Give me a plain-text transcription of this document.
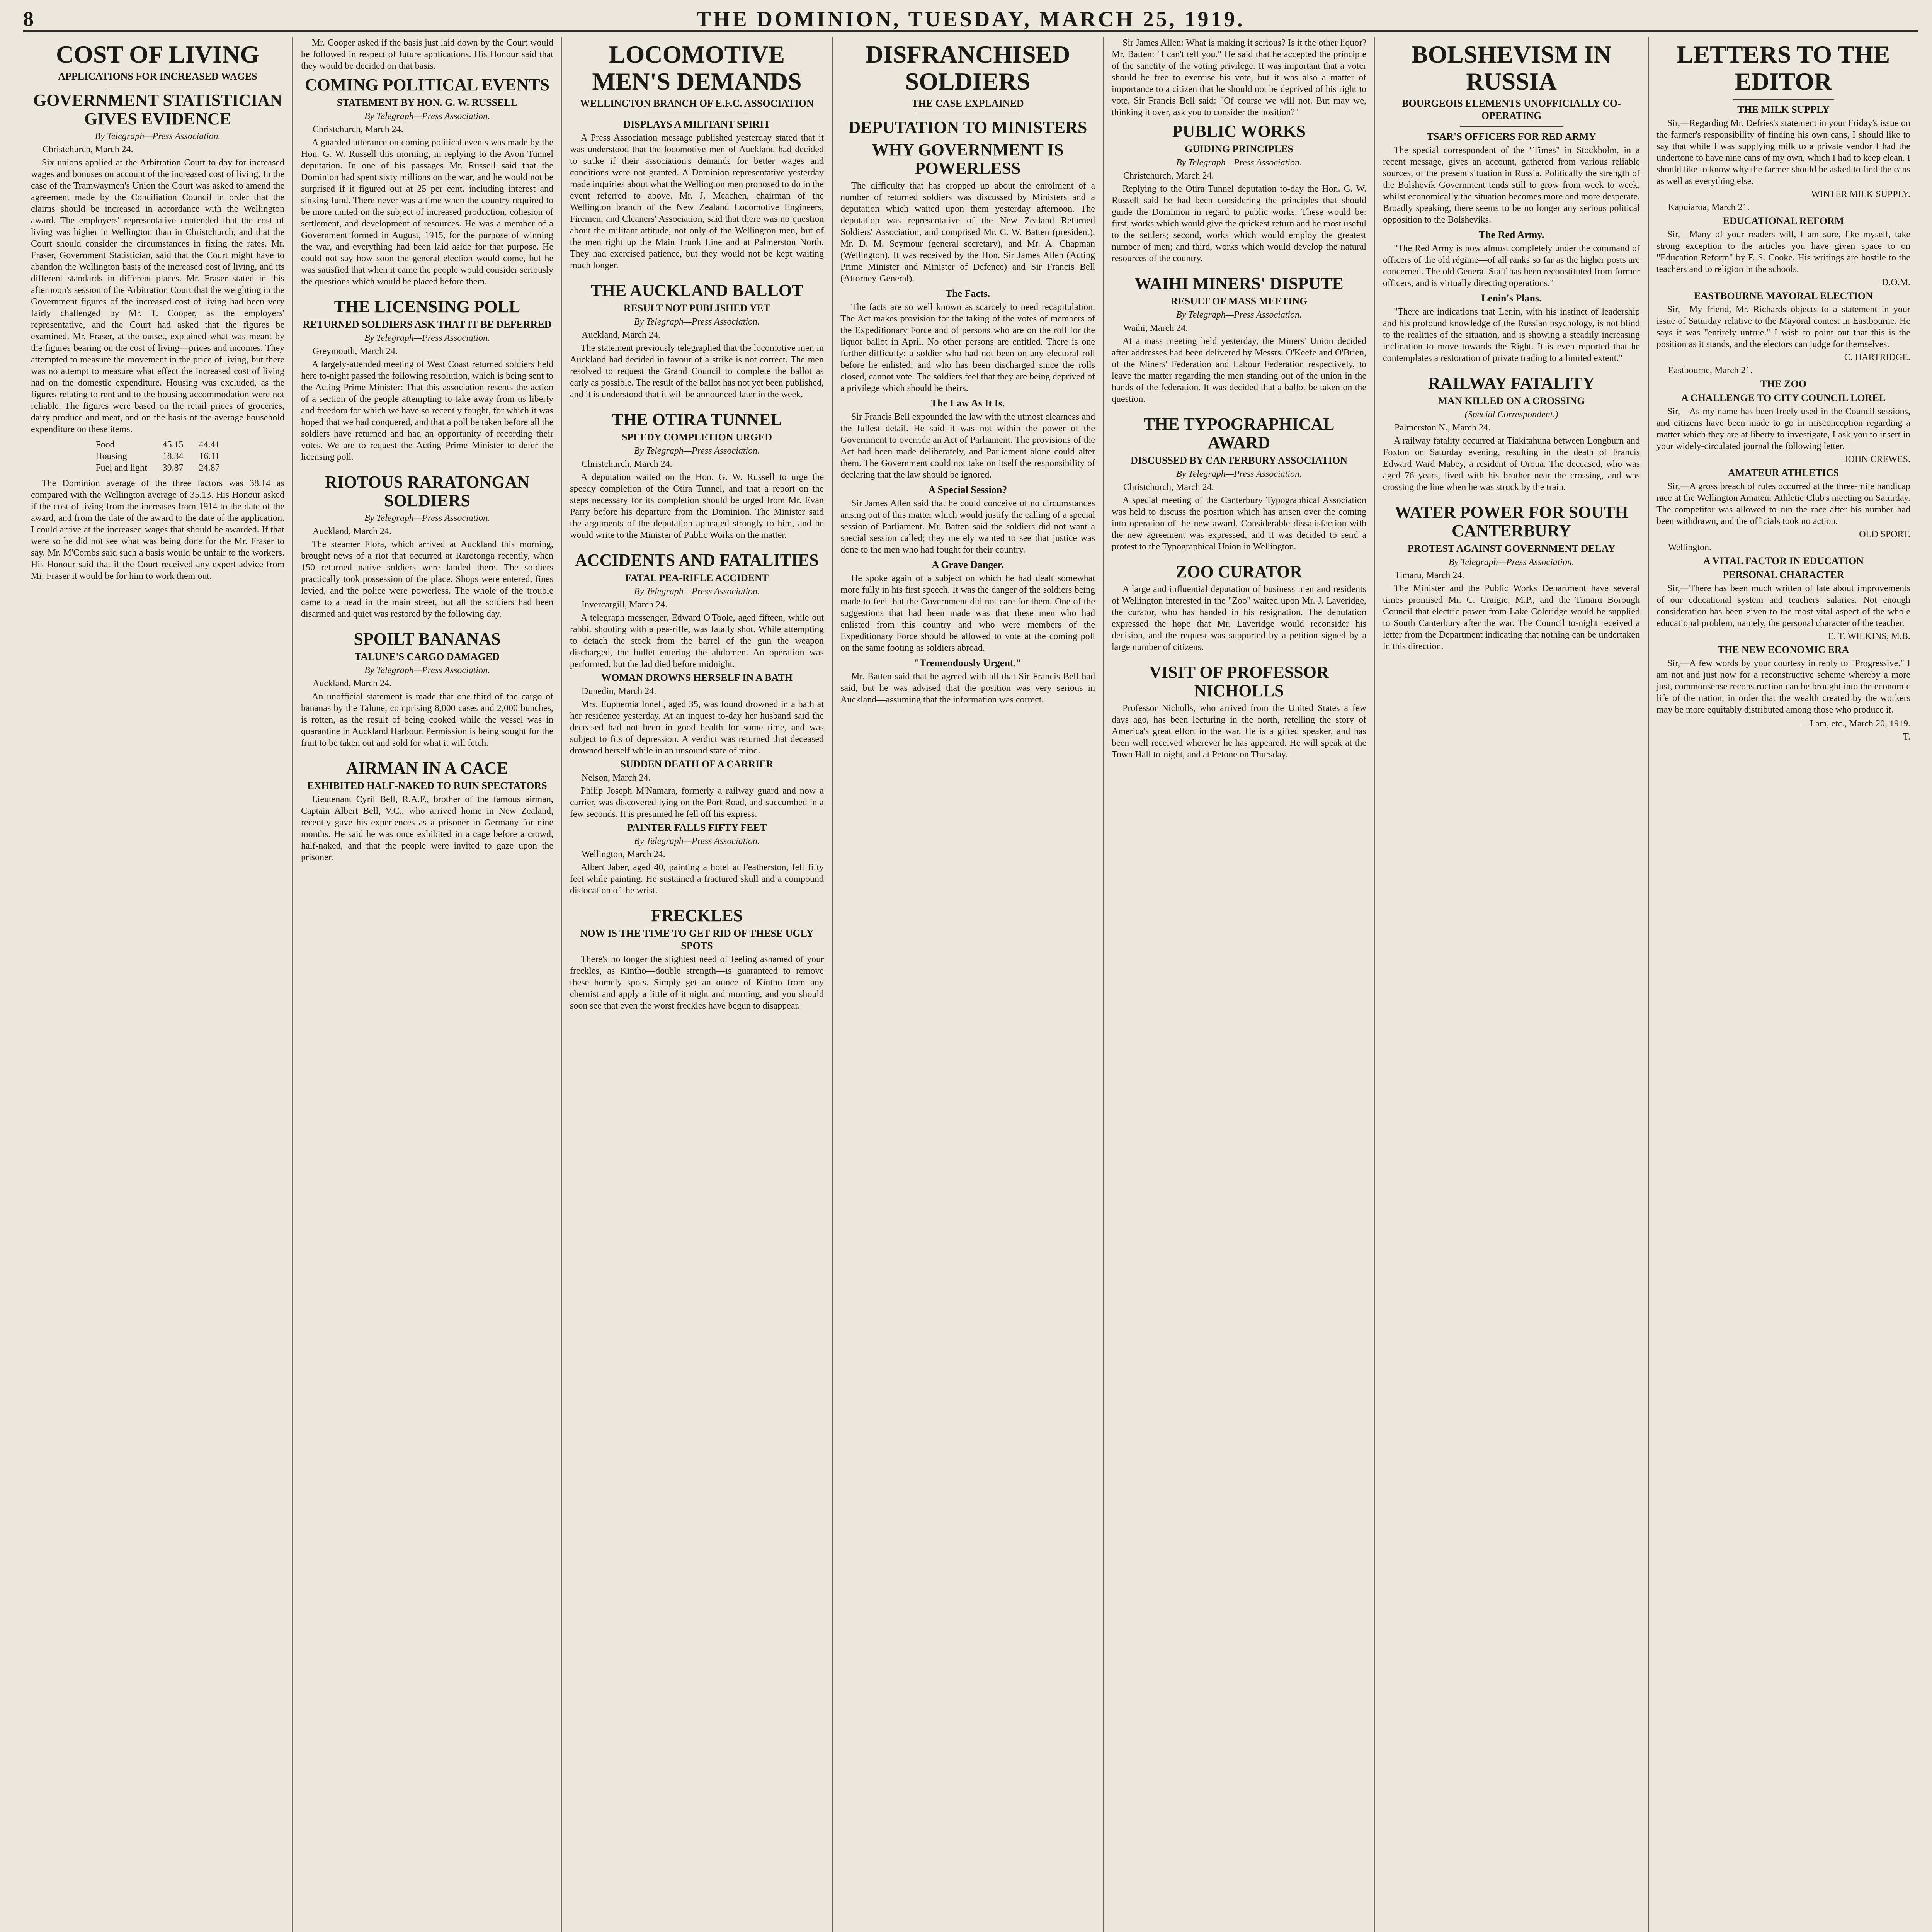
8	THE DOMINION, TUESDAY, MARCH 25, 1919.
COST OF LIVING
APPLICATIONS FOR INCREASED WAGES
GOVERNMENT STATISTICIAN GIVES EVIDENCE
By Telegraph—Press Association.
Christchurch, March 24.

Six unions applied at the Arbitration Court to-day for increased wages and bonuses on account of the increased cost of living. In the case of the Tramwaymen's Union the Court was asked to amend the agreement made by the Conciliation Council in order that the claims should be increased in accordance with the Wellington award. The employers' representative contended that the cost of living was higher in Wellington than in Christchurch, and that the Court should consider the circumstances in fixing the rates. Mr. Fraser, Government Statistician, said that the Court might have to abandon the Wellington basis of the increased cost of living, and its different standards in different places. Mr. Fraser stated in this afternoon's session of the Arbitration Court that the weighting in the Government figures of the increased cost of living had been very fairly challenged by Mr. T. Cooper, as the employers' representative, and the Court had asked that the figures be examined. Mr. Fraser, at the outset, explained what was meant by the figures bearing on the cost of living—prices and incomes. They attempted to measure the movement in the price of living, but there was no attempt to measure what effect the increased cost of living had on the domestic expenditure. Housing was excluded, as the figures relating to rent and to the housing accommodation were not reliable. The figures were based on the retail prices of groceries, dairy produce and meat, and on the basis of the average household expenditure on these items.

Food	45.15	44.41
Housing	18.34	16.11
Fuel and light	39.87	24.87

The Dominion average of the three factors was 38.14 as compared with the Wellington average of 35.13. His Honour asked if the cost of living from the increases from 1914 to the date of the award, and from the date of the award to the date of the application. I could arrive at the increased wages that should be awarded. If that were so he did not see what was being done for the Mr. Fraser to say. Mr. M'Combs said such a basis would be unfair to the workers. His Honour said that if the Court received any expert advice from Mr. Fraser it would be for him to work them out.

Mr. Cooper asked if the basis just laid down by the Court would be followed in respect of future applications. His Honour said that they would be decided on that basis.

COMING POLITICAL EVENTS
STATEMENT BY HON. G. W. RUSSELL
By Telegraph—Press Association.
Christchurch, March 24.

A guarded utterance on coming political events was made by the Hon. G. W. Russell this morning, in replying to the Avon Tunnel deputation. In one of his passages Mr. Russell said that the Dominion had spent sixty millions on the war, and he would not be surprised if it figured out at 25 per cent. including interest and sinking fund. There never was a time when the country required to be more united on the subject of increased production, cohesion of settlement, and development of resources. He was a member of a Government formed in August, 1915, for the purpose of winning the war, and everything had been laid aside for that purpose. He could not say how soon the general election would come, but he was satisfied that when it came the people would consider seriously the questions which would be placed before them.

THE LICENSING POLL
RETURNED SOLDIERS ASK THAT IT BE DEFERRED
By Telegraph—Press Association.
Greymouth, March 24.

A largely-attended meeting of West Coast returned soldiers held here to-night passed the following resolution, which is being sent to the Acting Prime Minister: That this association resents the action of a section of the people attempting to take away from us liberty and freedom for which we have so recently fought, for which it was hoped that we had conquered, and that a poll be taken before all the soldiers have returned and had an opportunity of recording their votes. We are to request the Acting Prime Minister to defer the licensing poll.

RIOTOUS RARATONGAN SOLDIERS
By Telegraph—Press Association.
Auckland, March 24.

The steamer Flora, which arrived at Auckland this morning, brought news of a riot that occurred at Rarotonga recently, when 150 returned native soldiers were landed there. The soldiers practically took possession of the place. Shops were entered, fines levied, and the police were powerless. The whole of the trouble came to a head in the main street, but all the soldiers had been disarmed and quiet was restored by the following day.

SPOILT BANANAS
TALUNE'S CARGO DAMAGED
By Telegraph—Press Association.
Auckland, March 24.

An unofficial statement is made that one-third of the cargo of bananas by the Talune, comprising 8,000 cases and 2,000 bunches, is rotten, as the result of being cooked while the vessel was in quarantine in Auckland Harbour. Permission is being sought for the fruit to be taken out and sold for what it will fetch.

AIRMAN IN A CACE
EXHIBITED HALF-NAKED TO RUIN SPECTATORS

Lieutenant Cyril Bell, R.A.F., brother of the famous airman, Captain Albert Bell, V.C., who arrived home in New Zealand, recently gave his experiences as a prisoner in Germany for nine months. He said he was once exhibited in a cage before a crowd, half-naked, and that the people were invited to gaze upon the prisoner.

LOCOMOTIVE MEN'S DEMANDS
WELLINGTON BRANCH OF E.F.C. ASSOCIATION
DISPLAYS A MILITANT SPIRIT

A Press Association message published yesterday stated that it was understood that the locomotive men of Auckland had decided to strike if their association's demands for better wages and conditions were not granted. A Dominion representative yesterday made inquiries about what the Wellington men proposed to do in the event referred to above. Mr. J. Meachen, chairman of the Wellington branch of the New Zealand Locomotive Engineers, Firemen, and Cleaners' Association, said that there was no question about the militant attitude, not only of the Wellington men, but of the men right up the Main Trunk Line and at Palmerston North. They had exercised patience, but they would not be kept waiting much longer.

THE AUCKLAND BALLOT
RESULT NOT PUBLISHED YET
By Telegraph—Press Association.
Auckland, March 24.

The statement previously telegraphed that the locomotive men in Auckland had decided in favour of a strike is not correct. The men resolved to request the Grand Council to complete the ballot as early as possible. The result of the ballot has not yet been published, and it is understood that it will be announced later in the week.

THE OTIRA TUNNEL
SPEEDY COMPLETION URGED
By Telegraph—Press Association.
Christchurch, March 24.

A deputation waited on the Hon. G. W. Russell to urge the speedy completion of the Otira Tunnel, and that a report on the steps necessary for its completion should be urged from Mr. Evan Parry before his departure from the Dominion. The Minister said the arguments of the deputation appealed strongly to him, and he would write to the Minister of Public Works on the matter.

ACCIDENTS AND FATALITIES
FATAL PEA-RIFLE ACCIDENT
By Telegraph—Press Association.
Invercargill, March 24.

A telegraph messenger, Edward O'Toole, aged fifteen, while out rabbit shooting with a pea-rifle, was fatally shot. While attempting to detach the stock from the barrel of the gun the weapon discharged, the bullet entering the abdomen. An operation was performed, but the lad died before midnight.

WOMAN DROWNS HERSELF IN A BATH
Dunedin, March 24.

Mrs. Euphemia Innell, aged 35, was found drowned in a bath at her residence yesterday. At an inquest to-day her husband said the deceased had not been in good health for some time, and was subject to fits of depression. A verdict was returned that deceased drowned herself while in an unsound state of mind.

SUDDEN DEATH OF A CARRIER
Nelson, March 24.

Philip Joseph M'Namara, formerly a railway guard and now a carrier, was discovered lying on the Port Road, and succumbed in a few seconds. It is presumed he fell off his express.

PAINTER FALLS FIFTY FEET
By Telegraph—Press Association.
Wellington, March 24.

Albert Jaber, aged 40, painting a hotel at Featherston, fell fifty feet while painting. He sustained a fractured skull and a compound dislocation of the wrist.

FRECKLES
NOW IS THE TIME TO GET RID OF THESE UGLY SPOTS

There's no longer the slightest need of feeling ashamed of your freckles, as Kintho—double strength—is guaranteed to remove these homely spots. Simply get an ounce of Kintho from any chemist and apply a little of it night and morning, and you should soon see that even the worst freckles have begun to disappear.

DISFRANCHISED SOLDIERS
THE CASE EXPLAINED
DEPUTATION TO MINISTERS
WHY GOVERNMENT IS POWERLESS

The difficulty that has cropped up about the enrolment of a number of returned soldiers was discussed by Ministers and a deputation which waited upon them yesterday afternoon. The deputation was representative of the New Zealand Returned Soldiers' Association, and comprised Mr. C. W. Batten (president), Mr. D. M. Seymour (general secretary), and Mr. A. Chapman (Wellington). It was received by the Hon. Sir James Allen (Acting Prime Minister and Minister of Defence) and Sir Francis Bell (Attorney-General).

The Facts.

The facts are so well known as scarcely to need recapitulation. The Act makes provision for the taking of the votes of members of the Expeditionary Force and of persons who are on the roll for the liquor ballot in April. No other persons are entitled. There is one further difficulty: a soldier who had not been on any electoral roll before he enlisted, and who has been discharged since the rolls closed, cannot vote. The soldiers feel that they are being deprived of a privilege which should be theirs.

The Law As It Is.

Sir Francis Bell expounded the law with the utmost clearness and the fullest detail. He said it was not within the power of the Government to override an Act of Parliament. The provisions of the Act had been made deliberately, and Parliament alone could alter them. The Government could not take on itself the responsibility of declaring that the law should be ignored.

A Special Session?

Sir James Allen said that he could conceive of no circumstances arising out of this matter which would justify the calling of a special session of Parliament. Mr. Batten said the soldiers did not want a special session called; they merely wanted to see that justice was done to the men who had fought for their country.

A Grave Danger.

He spoke again of a subject on which he had dealt somewhat more fully in his first speech. It was the danger of the soldiers being made to feel that the Government did not care for them. One of the suggestions that had been made was that these men who had enlisted from this country and who were members of the Expeditionary Force should be allowed to vote at the coming poll on the same footing as soldiers abroad.

"Tremendously Urgent."

Mr. Batten said that he agreed with all that Sir Francis Bell had said, but he was advised that the position was very serious in Auckland—assuming that the information was correct.

Sir James Allen: What is making it serious? Is it the other liquor? Mr. Batten: "I can't tell you." He said that he accepted the principle of the sanctity of the voting privilege. It was important that a voter should be free to exercise his vote, but it was also a matter of importance to a citizen that he should not be deprived of his right to vote. Sir Francis Bell said: "Of course we will not. But may we, thinking it over, ask you to consider the position?"

PUBLIC WORKS
GUIDING PRINCIPLES
By Telegraph—Press Association.
Christchurch, March 24.

Replying to the Otira Tunnel deputation to-day the Hon. G. W. Russell said he had been considering the principles that should guide the Dominion in regard to public works. These would be: first, works which would give the quickest return and be most useful to the settlers; second, works which would employ the greatest number of men; and third, works which would develop the natural resources of the country.

WAIHI MINERS' DISPUTE
RESULT OF MASS MEETING
By Telegraph—Press Association.
Waihi, March 24.

At a mass meeting held yesterday, the Miners' Union decided after addresses had been delivered by Messrs. O'Keefe and O'Brien, of the Miners' Federation and Labour Federation respectively, to leave the matter regarding the men standing out of the union in the hands of the federation. It was decided that a ballot be taken on the question.

THE TYPOGRAPHICAL AWARD
DISCUSSED BY CANTERBURY ASSOCIATION
By Telegraph—Press Association.
Christchurch, March 24.

A special meeting of the Canterbury Typographical Association was held to discuss the position which has arisen over the coming into operation of the new award. Considerable dissatisfaction with the new agreement was expressed, and it was decided to send a protest to the Typographical Union in Wellington.

ZOO CURATOR

A large and influential deputation of business men and residents of Wellington interested in the "Zoo" waited upon Mr. J. Laveridge, the curator, who has handed in his resignation. The deputation expressed the hope that Mr. Laveridge would reconsider his decision, and the request was supported by a petition signed by a large number of citizens.

VISIT OF PROFESSOR NICHOLLS

Professor Nicholls, who arrived from the United States a few days ago, has been lecturing in the north, retelling the story of America's great effort in the war. He is a gifted speaker, and has been well received wherever he has appeared. He will speak at the Town Hall to-night, and at Petone on Thursday.

BOLSHEVISM IN RUSSIA
BOURGEOIS ELEMENTS UNOFFICIALLY CO-OPERATING
TSAR'S OFFICERS FOR RED ARMY

The special correspondent of the "Times" in Stockholm, in a recent message, gives an account, gathered from various reliable sources, of the present situation in Russia. Politically the strength of the Bolshevik Government tends still to grow from week to week, whilst economically the situation becomes more and more desperate. Broadly speaking, there seems to be no longer any serious political opposition to the Bolsheviks.

The Red Army.

"The Red Army is now almost completely under the command of officers of the old régime—of all ranks so far as the higher posts are concerned. The old General Staff has been reconstituted from former officers, and is virtually directing operations."

Lenin's Plans.

"There are indications that Lenin, with his instinct of leadership and his profound knowledge of the Russian psychology, is not blind to the realities of the situation, and is showing a steadily increasing inclination to move towards the Right. It is even reported that he contemplates a restoration of private trading to a limited extent."

RAILWAY FATALITY
MAN KILLED ON A CROSSING
(Special Correspondent.)
Palmerston N., March 24.

A railway fatality occurred at Tiakitahuna between Longburn and Foxton on Saturday evening, resulting in the death of Francis Edward Ward Mabey, a resident of Oroua. The deceased, who was aged 76 years, lived with his brother near the crossing, and was crossing the line when he was struck by the train.

WATER POWER FOR SOUTH CANTERBURY
PROTEST AGAINST GOVERNMENT DELAY
By Telegraph—Press Association.
Timaru, March 24.

The Minister and the Public Works Department have several times promised Mr. C. Craigie, M.P., and the Timaru Borough Council that electric power from Lake Coleridge would be supplied to South Canterbury after the war. The Council to-night received a letter from the Department indicating that nothing can be undertaken in this direction.

LETTERS TO THE EDITOR
THE MILK SUPPLY

Sir,—Regarding Mr. Defries's statement in your Friday's issue on the farmer's responsibility of finding his own cans, I should like to say that while I was supplying milk to a private vendor I had the undertone to have nine cans of my own, which I had to keep clean. I should like to know why the farmer should be asked to find the cans as well as everything else.

WINTER MILK SUPPLY.
Kapuiaroa, March 21.
EDUCATIONAL REFORM

Sir,—Many of your readers will, I am sure, like myself, take strong exception to the articles you have given space to on "Education Reform" by F. S. Cooke. His writings are hostile to the teachers and to religion in the schools.

D.O.M.
EASTBOURNE MAYORAL ELECTION

Sir,—My friend, Mr. Richards objects to a statement in your issue of Saturday relative to the Mayoral contest in Eastbourne. He says it was "entirely untrue." I wish to point out that this is the position as it stands, and the electors can judge for themselves.

C. HARTRIDGE.
Eastbourne, March 21.
THE ZOO
A CHALLENGE TO CITY COUNCIL LOREL

Sir,—As my name has been freely used in the Council sessions, and citizens have been made to go in misconception regarding a matter which they are at liberty to investigate, I ask you to insert in your widely-circulated journal the following letter.

JOHN CREWES.
AMATEUR ATHLETICS

Sir,—A gross breach of rules occurred at the three-mile handicap race at the Wellington Amateur Athletic Club's meeting on Saturday. The competitor was allowed to run the race after his number had been withdrawn, and the officials took no action.

OLD SPORT.
Wellington.
A VITAL FACTOR IN EDUCATION
PERSONAL CHARACTER

Sir,—There has been much written of late about improvements of our educational system and teachers' salaries. Not enough consideration has been given to the most vital aspect of the whole educational problem, namely, the personal character of the teacher.

E. T. WILKINS, M.B.
THE NEW ECONOMIC ERA

Sir,—A few words by your courtesy in reply to "Progressive." I am not and just now for a reconstructive scheme whereby a more just, commonsense reconstruction can be brought into the economic life of the nation, in order that the wealth created by the workers may be more equitably distributed among those who produce it.

—I am, etc., March 20, 1919.
T.
